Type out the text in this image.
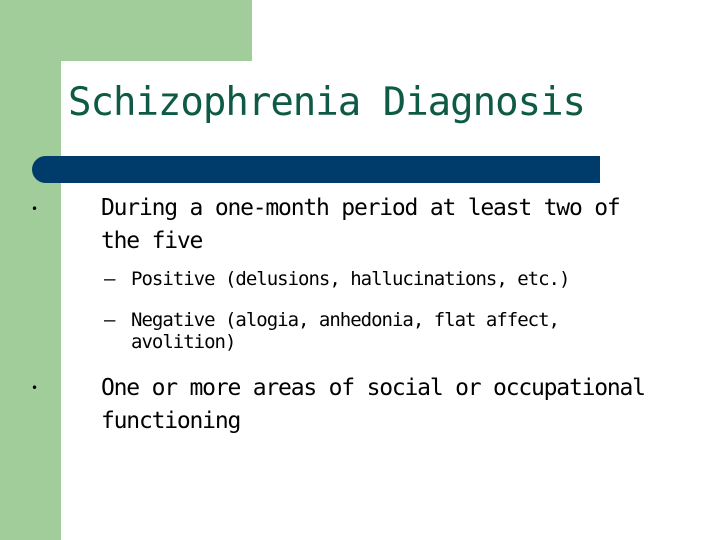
Schizophrenia Diagnosis
•	During a one-month period at least two of the five

– Positive (delusions, hallucinations, etc.)

– Negative (alogia, anhedonia, flat affect, avolition)

•	One or more areas of social or occupational functioning
